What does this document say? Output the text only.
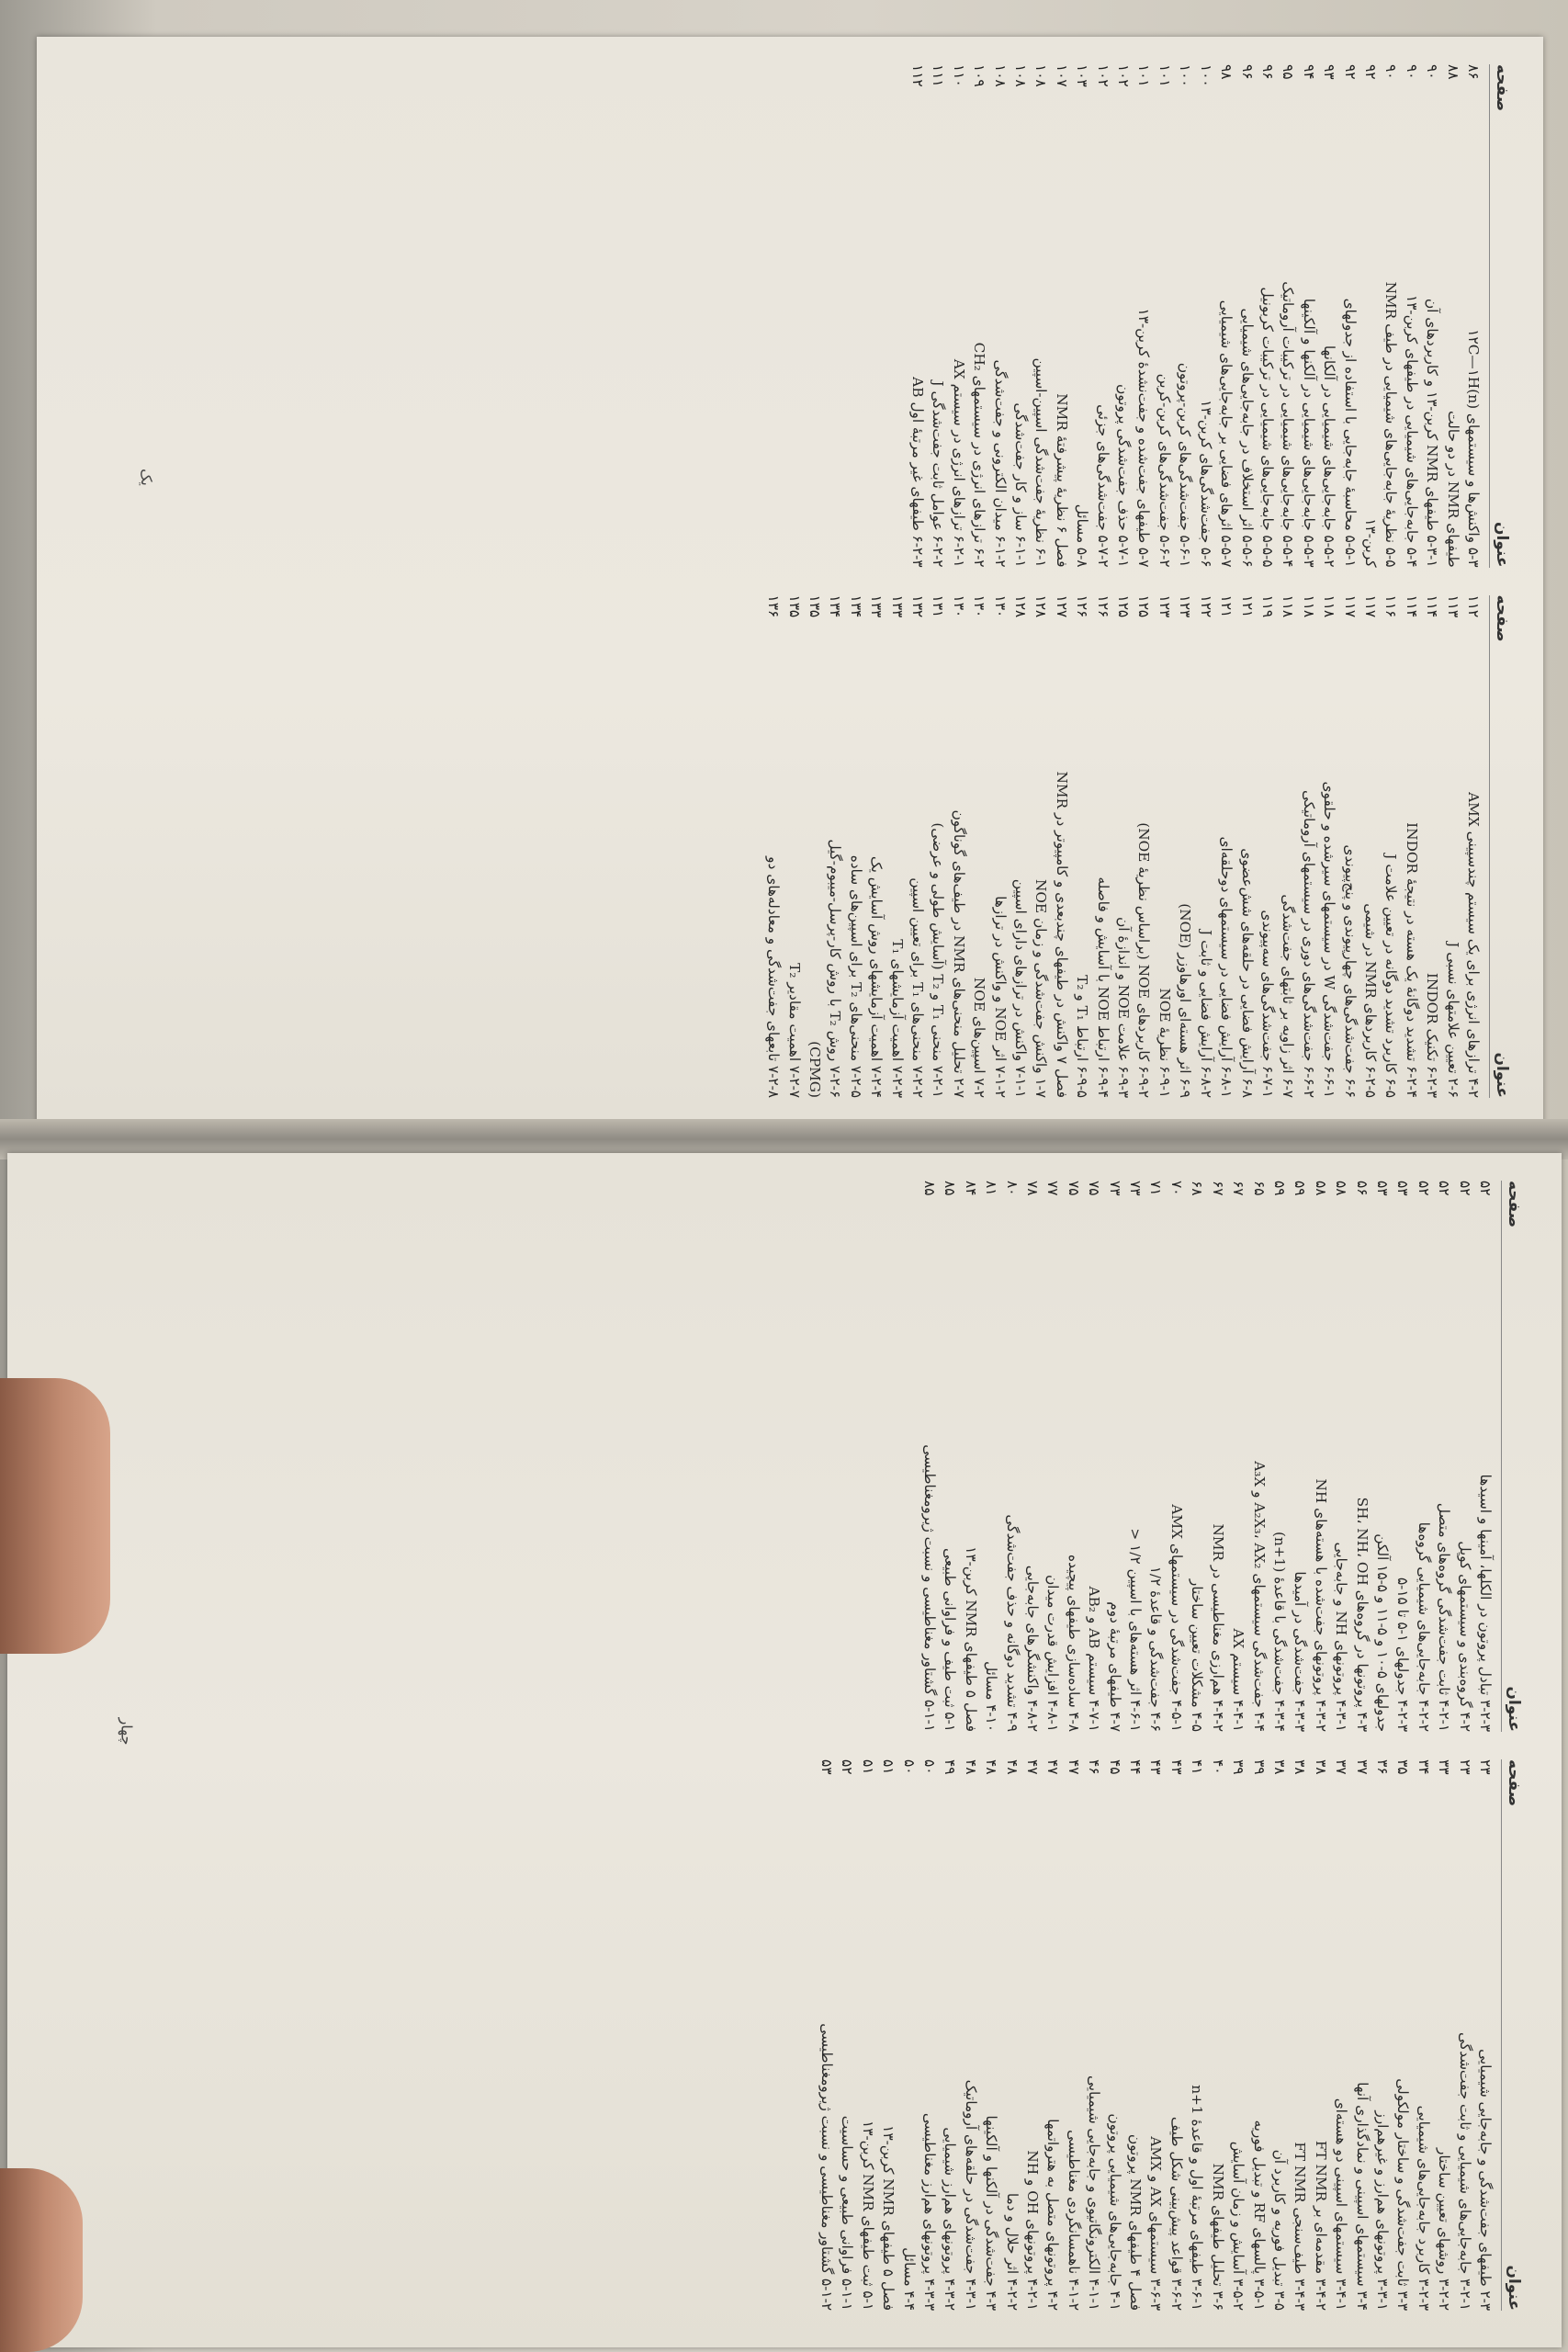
عنوان
صفحه
۴-۲ ترازهای انرژی برای یک سیستم چندسپینی AMX
۱۱۲
۲-۶ تعیین علامتهای نسبی J
۱۱۳
۶-۲-۳ تکنیک INDOR
۱۱۴
۶-۲-۴ تشدید دوگانهٔ یک هسته در نتیجهٔ INDOR
۱۱۴
۶-۵ کاربرد تشدید دوگانه در تعیین علامت J
۱۱۶
۶-۲-۵ کاربردهای NMR در شیمی
۱۱۷
۶-۶ جفت‌شدگی‌های چهارپیوندی و پنج‌پیوندی
۱۱۷
۶-۶-۱ جفت‌شدگی W در سیستمهای سیرشده و حلقوی
۱۱۸
۶-۶-۲ جفت‌شدگی‌های دوری در سیستمهای آروماتیکی
۱۱۸
۶-۷ اثر زاویه بر ثابتهای جفت‌شدگی
۱۱۸
۶-۷-۱ جفت‌شدگی‌های سه‌پیوندی
۱۱۹
۶-۸ آرایش فضایی در حلقه‌های شش‌عضوی
۱۲۱
۶-۸-۱ آرایش فضایی در سیستمهای دوحلقه‌ای
۱۲۱
۶-۸-۲ آرایش فضایی و ثابت J
۱۲۲
۶-۹ اثر هسته‌ای اورهاوزر (NOE)
۱۲۳
۶-۹-۱ نظریهٔ NOE
۱۲۳
۶-۹-۲ کاربردهای NOE (براساس نظریهٔ NOE)
۱۲۵
۶-۹-۳ علامت NOE و اندازهٔ آن
۱۲۵
۶-۹-۴ ارتباط NOE با آسایش و فاصله
۱۲۶
۶-۹-۵ ارتباط T₁ و T₂
۱۲۶
فصل ۷ واکنش در طیفهای چندبعدی و کامپیوتر در NMR
۱۲۷
۱-۷ واکنش جفت‌شدگی و زمان NOE
۱۲۸
۷-۱-۱ واکنش در ترازهای دارای اسپین
۱۲۸
۷-۱-۲ اثر NOE و واکنش در ترازها
۱۳۰
۷-۲ اسپین‌های NOE
۱۳۰
۲-۷ تحلیل منحنی‌های NMR در طیف‌های گوناگون
۱۳۰
۷-۲-۱ منحنی T₁ و T₂ (آسایش طولی و عرضی)
۱۳۱
۷-۲-۲ منحنی‌های T₁ برای تعیین اسپین
۱۳۲
۷-۲-۳ اهمیت آزمایشهای T₁
۱۳۳
۷-۲-۴ اهمیت آزمایشهای روش آسایش یک
۱۳۳
۷-۲-۵ منحنی‌های T₂ برای اسپین‌های ساده
۱۳۴
۷-۲-۶ روش T₂ با روش کار-پرسل-میبوم-گیل
۱۳۴
(CPMG)
۱۳۵
۷-۲-۷ اهمیت مقادیر T₂
۱۳۵
۷-۲-۸ تابعهای جفت‌شدگی و معادله‌های دو
۱۳۶
عنوان
صفحه
۵-۳ واکنش‌ها و سیستمهای ۱۲C—۱H(n)
۸۶
طیفهای NMR در دو حالت
۸۸
۵-۳-۱ طیفهای NMR کربن-۱۳ و کاربردهای آن
۹۰
۵-۴ جابه‌جایی‌های شیمیایی در طیفهای کربن-۱۳
۹۰
۵-۵ نظریهٔ جابه‌جایی‌های شیمیایی در طیف NMR
۹۰
کربن-۱۳
۹۲
۵-۵-۱ محاسبهٔ جابه‌جایی با استفاده از جدولهای
۹۲
۵-۵-۲ جابه‌جایی‌های شیمیایی در آلکانها
۹۳
۵-۵-۳ جابه‌جایی‌های شیمیایی در آلکنها و آلکینها
۹۴
۵-۵-۴ جابه‌جایی‌های شیمیایی در ترکیبات آروماتیک
۹۵
۵-۵-۵ جابه‌جایی‌های شیمیایی در ترکیبات کربونیل
۹۶
۵-۵-۶ اثر استخلاف در جابه‌جایی‌های شیمیایی
۹۶
۵-۵-۷ اثرهای فضایی بر جابه‌جایی‌های شیمیایی
۹۸
۵-۶ جفت‌شدگی‌های کربن-۱۳
۱۰۰
۵-۶-۱ جفت‌شدگی‌های کربن-پروتون
۱۰۰
۵-۶-۲ جفت‌شدگی‌های کربن-کربن
۱۰۱
۵-۷ طیفهای جفت‌شده و جفت‌نشدهٔ کربن-۱۳
۱۰۱
۵-۷-۱ حذف جفت‌شدگی پروتون
۱۰۲
۵-۷-۲ جفت‌شدگی‌های جزئی
۱۰۲
۵-۸ مسائل
۱۰۳
فصل ۶ نظریهٔ پیشرفتهٔ NMR
۱۰۷
۶-۱ نظریهٔ جفت‌شدگی اسپین-اسپین
۱۰۸
۶-۱-۱ ساز و کار جفت‌شدگی
۱۰۸
۶-۱-۲ میدان الکترونی و جفت‌شدگی
۱۰۸
۶-۲ ترازهای انرژی در سیستمهای CH₂
۱۰۹
۶-۲-۱ ترازهای انرژی در سیستم AX
۱۱۰
۶-۲-۲ عوامل ثابت جفت‌شدگی J
۱۱۱
۶-۲-۳ طیفهای غیر مرتبهٔ اول AB
۱۱۲
یک
عنوان
صفحه
۲-۳ طیفهای جفت‌شدگی و جابه‌جایی شیمیایی
۲۳
۳-۲-۱ جابه‌جایی‌های شیمیایی و ثابت جفت‌شدگی
۲۳
۳-۲-۲ روشهای تعیین ساختار
۳۳
۳-۲-۳ کاربرد جابه‌جایی‌های شیمیایی
۳۴
۳-۳ ثابت جفت‌شدگی و ساختار مولکولی
۳۵
۳-۳-۱ پروتونهای هم‌ارز و غیرهم‌ارز
۳۶
۳-۴ سیستمهای اسپینی و نمادگذاری آنها
۳۷
۳-۴-۱ سیستمهای اسپینی دو هسته‌ای
۳۷
۳-۴-۲ مقدمه‌ای بر FT NMR
۳۸
۳-۴-۳ طیف‌سنجی FT NMR
۳۸
۳-۵ تبدیل فوریه و کاربرد آن
۳۸
۳-۵-۱ پالسهای RF و تبدیل فوریه
۳۹
۳-۵-۲ آسایش و زمان آسایش
۳۹
۳-۶ تحلیل طیفهای NMR
۴۰
۳-۶-۱ طیفهای مرتبهٔ اول و قاعدهٔ n+1
۴۱
۳-۶-۲ قواعد پیش‌بینی شکل طیف
۴۳
۳-۶-۳ سیستمهای AX و AMX
۴۳
فصل ۴ طیفهای NMR پروتون
۴۴
۴-۱ جابه‌جایی‌های شیمیایی پروتون
۴۵
۴-۱-۱ الکترونگاتیوی و جابه‌جایی شیمیایی
۴۶
۴-۱-۲ ناهمسانگردی مغناطیسی
۴۷
۴-۲ پروتونهای متصل به هترواتمها
۴۷
۴-۲-۱ پروتونهای OH و NH
۴۷
۴-۲-۲ اثر حلال و دما
۴۸
۴-۳ جفت‌شدگی در آلکنها و آلکینها
۴۸
۴-۳-۱ جفت‌شدگی در حلقه‌های آروماتیک
۴۸
۴-۳-۲ پروتونهای هم‌ارز شیمیایی
۴۹
۴-۳-۳ پروتونهای هم‌ارز مغناطیسی
۵۰
۴-۴ مسائل
۵۰
فصل ۵ طیفهای NMR کربن-۱۳
۵۱
۵-۱ ثبت طیفهای NMR کربن-۱۳
۵۱
۵-۱-۱ فراوانی طبیعی و حساسیت
۵۲
۵-۱-۲ گشتاور مغناطیسی و نسبت ژیرومغناطیسی
۵۳
عنوان
صفحه
۳-۲-۳ تبادل پروتون در الکلها، آمینها و اسیدها
۵۲
۴-۲ گروه‌بندی و سیستمهای کوپل
۵۲
۴-۲-۱ ثابت جفت‌شدگی گروه‌های متصل
۵۲
۴-۲-۲ جابه‌جایی‌های شیمیایی گروه‌ها
۵۲
۴-۲-۳ جدولهای ۱-۵ تا ۱۵-۵
۵۳
جدولهای ۵-۱۰ و ۵-۱۱ و ۵-۱۵ آلکن
۵۳
۴-۳ پروتونها در گروه‌های SH، NH، OH
۵۶
۴-۳-۱ پروتونهای NH و جابه‌جایی
۵۸
۴-۳-۲ پروتونهای جفت‌شده با هسته‌های NH
۵۸
۴-۳-۳ جفت‌شدگی در آمیدها
۵۹
۴-۳-۴ جفت‌شدگی با قاعدهٔ (n+1)
۵۹
۴-۴ جفت‌شدگی سیستمهای A₂X₃، AX₂ و A₃X
۶۵
۴-۴-۱ سیستم AX
۶۷
۴-۴-۲ هم‌ارزی مغناطیسی در NMR
۶۷
۴-۵ مشکلات تعیین ساختار
۶۸
۴-۵-۱ جفت‌شدگی در سیستمهای AMX
۷۰
۴-۶ جفت‌شدگی و قاعدهٔ ۱/۲
۷۱
۴-۶-۱ اثر هسته‌های با اسپین ۱/۲ <
۷۳
۴-۷ طیفهای مرتبهٔ دوم
۷۳
۴-۷-۱ سیستم AB و AB₂
۷۵
۴-۸ ساده‌سازی طیفهای پیچیده
۷۵
۴-۸-۱ افزایش قدرت میدان
۷۷
۴-۸-۲ واکنشگرهای جابه‌جایی
۷۸
۴-۹ تشدید دوگانه و حذف جفت‌شدگی
۸۰
۴-۱۰ مسائل
۸۱
فصل ۵ طیفهای NMR کربن-۱۳
۸۴
۵-۱ ثبت طیف و فراوانی طبیعی
۸۵
۵-۱-۱ گشتاور مغناطیسی و نسبت ژیرومغناطیسی
۸۵
چهار
